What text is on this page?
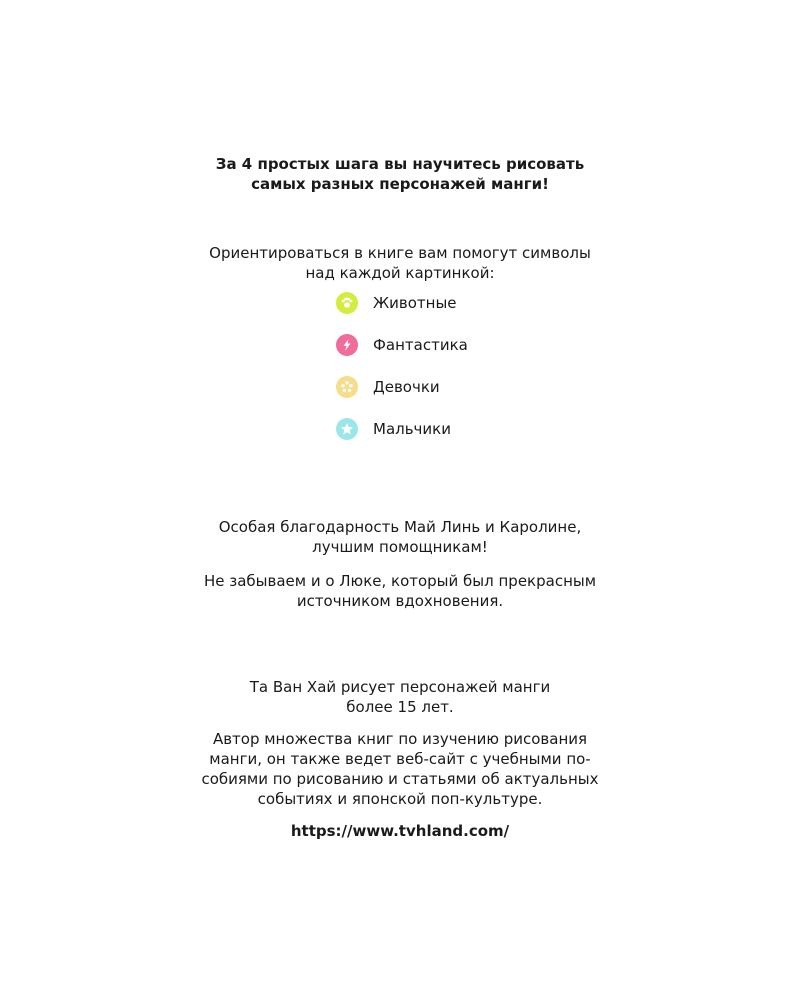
За 4 простых шага вы научитесь рисовать
самых разных персонажей манги!
Ориентироваться в книге вам помогут символы
над каждой картинкой:
Животные
Фантастика
Девочки
Мальчики
Особая благодарность Май Линь и Каролине,
лучшим помощникам!
Не забываем и о Люке, который был прекрасным
источником вдохновения.
Та Ван Хай рисует персонажей манги
более 15 лет.
Автор множества книг по изучению рисования
манги, он также ведет веб-сайт с учебными по-
собиями по рисованию и статьями об актуальных
событиях и японской поп-культуре.
https://www.tvhland.com/
